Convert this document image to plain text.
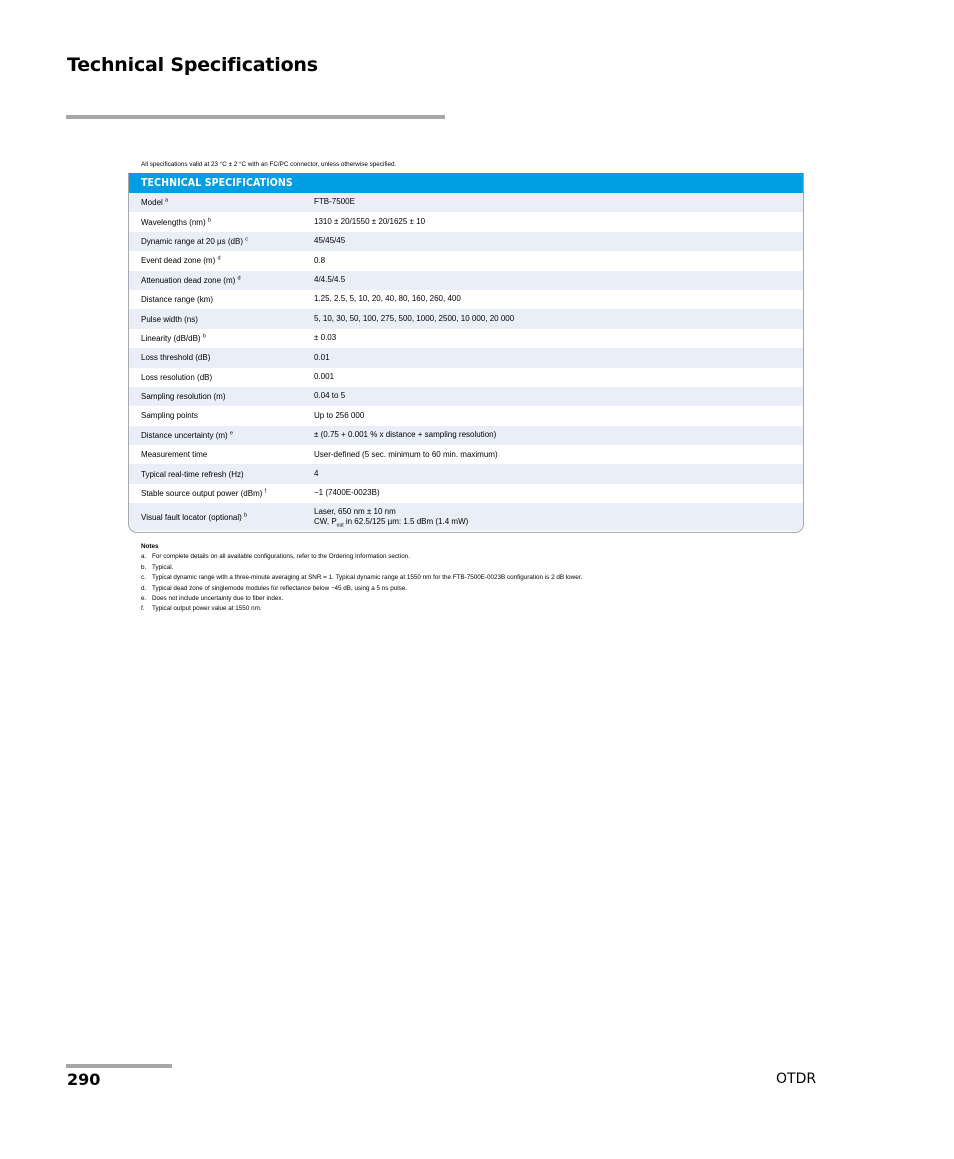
Technical Specifications
All specifications valid at 23 °C ± 2 °C with an FC/PC connector, unless otherwise specified.
TECHNICAL SPECIFICATIONS
Model $^a$	FTB-7500E
Wavelengths (nm) $^b$	1310 ± 20/1550 ± 20/1625 ± 10
Dynamic range at 20 µs (dB) $^c$	45/45/45
Event dead zone (m) $^d$	0.8
Attenuation dead zone (m) $^d$	4/4.5/4.5
Distance range (km)	1.25, 2.5, 5, 10, 20, 40, 80, 160, 260, 400
Pulse width (ns)	5, 10, 30, 50, 100, 275, 500, 1000, 2500, 10 000, 20 000
Linearity (dB/dB) $^b$	± 0.03
Loss threshold (dB)	0.01
Loss resolution (dB)	0.001
Sampling resolution (m)	0.04 to 5
Sampling points	Up to 256 000
Distance uncertainty (m) $^e$	± (0.75 + 0.001 % x distance + sampling resolution)
Measurement time	User-defined (5 sec. minimum to 60 min. maximum)
Typical real-time refresh (Hz)	4
Stable source output power (dBm) $^f$	−1 (7400E-0023B)
Visual fault locator (optional) $^b$	Laser, 650 nm ± 10 nm
CW, $P_{out}$ in 62.5/125 µm: 1.5 dBm (1.4 mW)
Notes
a. For complete details on all available configurations, refer to the Ordering Information section.
b. Typical.
c. Typical dynamic range with a three-minute averaging at SNR = 1. Typical dynamic range at 1550 nm for the FTB-7500E-0023B configuration is 2 dB lower.
d. Typical dead zone of singlemode modules for reflectance below −45 dB, using a 5 ns pulse.
e. Does not include uncertainty due to fiber index.
f. Typical output power value at 1550 nm.
290	OTDR
